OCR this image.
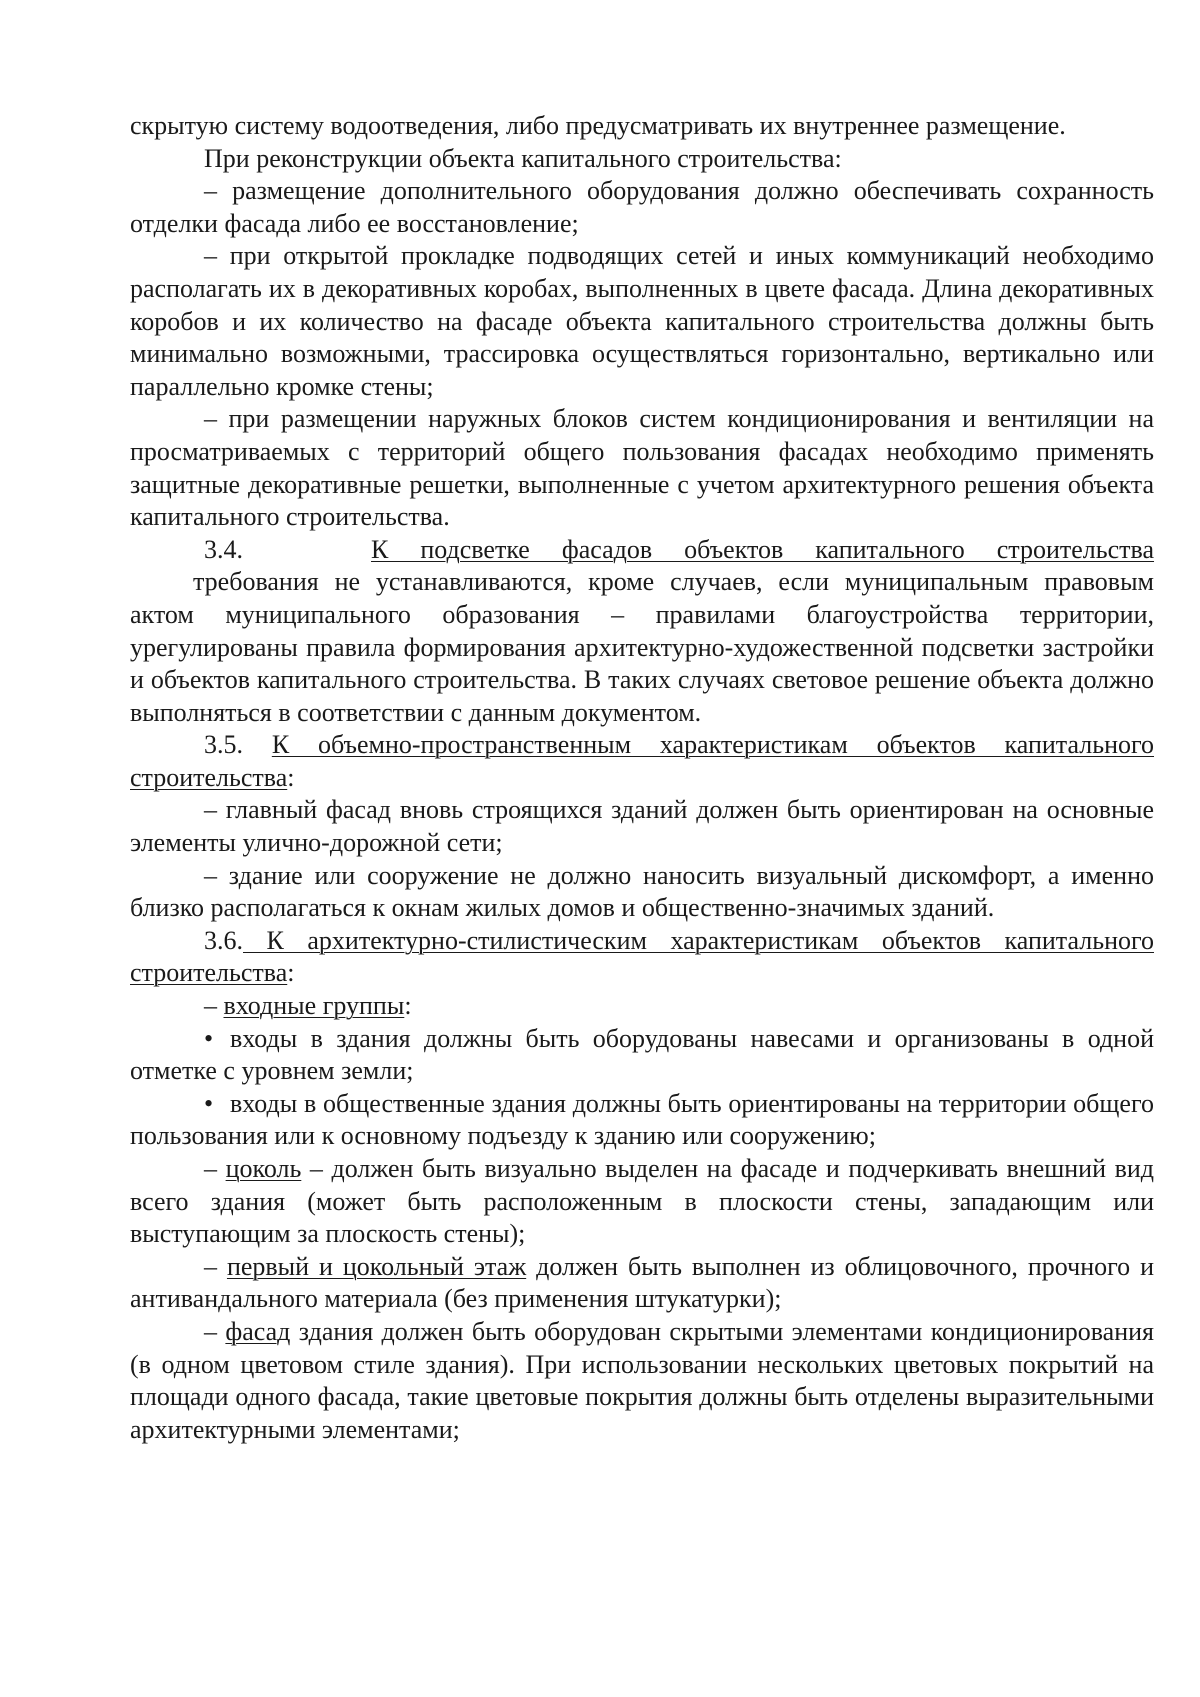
скрытую систему водоотведения, либо предусматривать их внутреннее размещение.

При реконструкции объекта капитального строительства:

– размещение дополнительного оборудования должно обеспечивать сохранность отделки фасада либо ее восстановление;

– при открытой прокладке подводящих сетей и иных коммуникаций необходимо располагать их в декоративных коробах, выполненных в цвете фасада. Длина декоративных коробов и их количество на фасаде объекта капитального строительства должны быть минимально возможными, трассировка осуществляться горизонтально, вертикально или параллельно кромке стены;

– при размещении наружных блоков систем кондиционирования и вентиляции на просматриваемых с территорий общего пользования фасадах необходимо применять защитные декоративные решетки, выполненные с учетом архитектурного решения объекта капитального строительства.

3.4.	К подсветке фасадов объектов капитального строительства

требования не устанавливаются, кроме случаев, если муниципальным правовым актом муниципального образования – правилами благоустройства территории, урегулированы правила формирования архитектурно-художественной подсветки застройки и объектов капитального строительства. В таких случаях световое решение объекта должно выполняться в соответствии с данным документом.

3.5. К объемно-пространственным характеристикам объектов капитального строительства:

– главный фасад вновь строящихся зданий должен быть ориентирован на основные элементы улично-дорожной сети;

– здание или сооружение не должно наносить визуальный дискомфорт, а именно близко располагаться к окнам жилых домов и общественно-значимых зданий.

3.6. К архитектурно-стилистическим характеристикам объектов капитального строительства:

– входные группы:

• входы в здания должны быть оборудованы навесами и организованы в одной отметке с уровнем земли;

• входы в общественные здания должны быть ориентированы на территории общего пользования или к основному подъезду к зданию или сооружению;

– цоколь – должен быть визуально выделен на фасаде и подчеркивать внешний вид всего здания (может быть расположенным в плоскости стены, западающим или выступающим за плоскость стены);

– первый и цокольный этаж должен быть выполнен из облицовочного, прочного и антивандального материала (без применения штукатурки);

– фасад здания должен быть оборудован скрытыми элементами кондиционирования (в одном цветовом стиле здания). При использовании нескольких цветовых покрытий на площади одного фасада, такие цветовые покрытия должны быть отделены выразительными архитектурными элементами;
